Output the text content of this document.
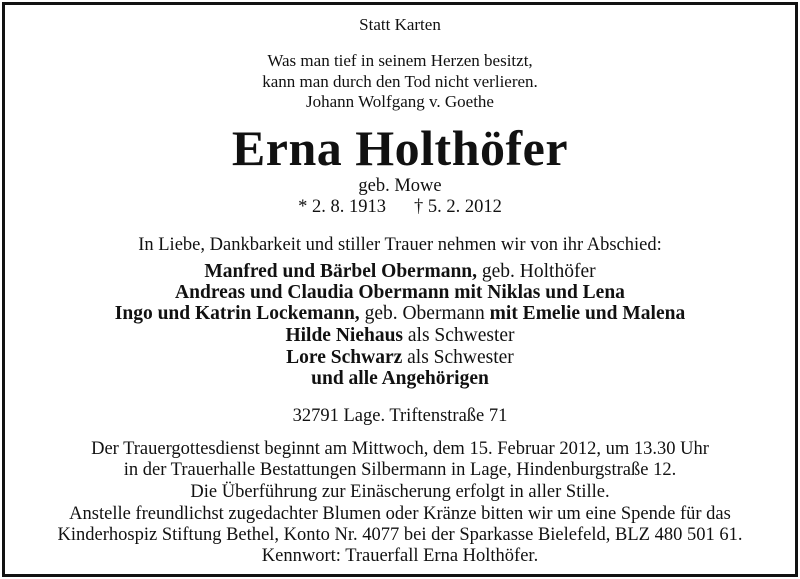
Statt Karten
Was man tief in seinem Herzen besitzt,
kann man durch den Tod nicht verlieren.
Johann Wolfgang v. Goethe
Erna Holthöfer
geb. Mowe
* 2. 8. 1913 † 5. 2. 2012
In Liebe, Dankbarkeit und stiller Trauer nehmen wir von ihr Abschied:
Manfred und Bärbel Obermann, geb. Holthöfer
Andreas und Claudia Obermann mit Niklas und Lena
Ingo und Katrin Lockemann, geb. Obermann mit Emelie und Malena
Hilde Niehaus als Schwester
Lore Schwarz als Schwester
und alle Angehörigen
32791 Lage. Triftenstraße 71
Der Trauergottesdienst beginnt am Mittwoch, dem 15. Februar 2012, um 13.30 Uhr
in der Trauerhalle Bestattungen Silbermann in Lage, Hindenburgstraße 12.
Die Überführung zur Einäscherung erfolgt in aller Stille.
Anstelle freundlichst zugedachter Blumen oder Kränze bitten wir um eine Spende für das
Kinderhospiz Stiftung Bethel, Konto Nr. 4077 bei der Sparkasse Bielefeld, BLZ 480 501 61.
Kennwort: Trauerfall Erna Holthöfer.
